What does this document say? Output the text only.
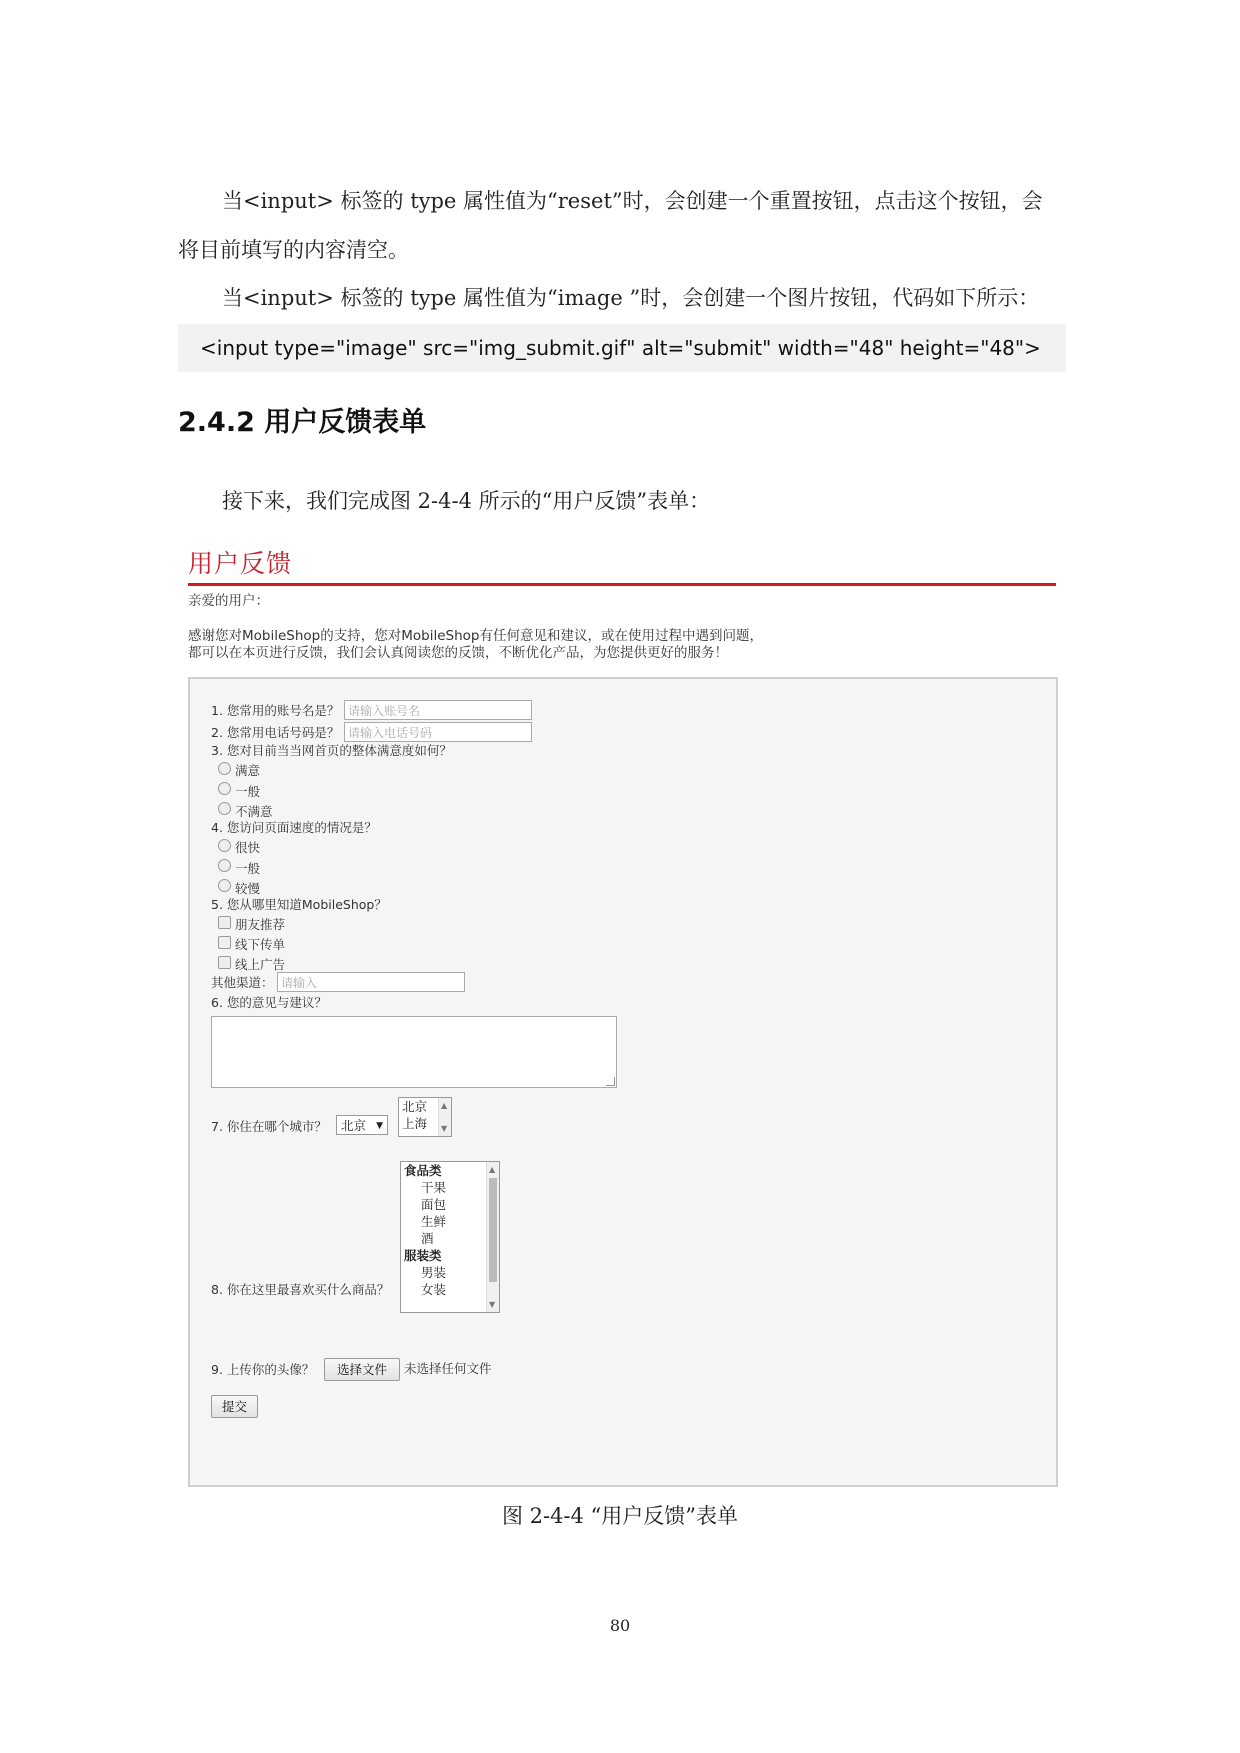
当<input> 标签的 type 属性值为“reset”时，会创建一个重置按钮，点击这个按钮，会

将目前填写的内容清空。

当<input> 标签的 type 属性值为“image ”时，会创建一个图片按钮，代码如下所示：

<input type="image" src="img_submit.gif" alt="submit" width="48" height="48">
2.4.2 用户反馈表单

接下来，我们完成图 2-4-4 所示的“用户反馈”表单：

用户反馈
亲爱的用户：
感谢您对MobileShop的支持，您对MobileShop有任何意见和建议，或在使用过程中遇到问题，
都可以在本页进行反馈，我们会认真阅读您的反馈，不断优化产品，为您提供更好的服务！
1. 您常用的账号名是？ 请输入账号名
2. 您常用电话号码是？ 请输入电话号码
3. 您对目前当当网首页的整体满意度如何？
满意
一般
不满意
4. 您访问页面速度的情况是？
很快
一般
较慢
5. 您从哪里知道MobileShop？
朋友推荐
线下传单
线上广告
其他渠道： 请输入
6. 您的意见与建议？
7. 你住在哪个城市？	北京 ▼
北京
上海
▲
▼
8. 你在这里最喜欢买什么商品？
食品类
干果
面包
生鲜
酒
服装类
男装
女装
▲
▼
9. 上传你的头像？	选择文件	未选择任何文件
提交
图 2-4-4 “用户反馈”表单
80
